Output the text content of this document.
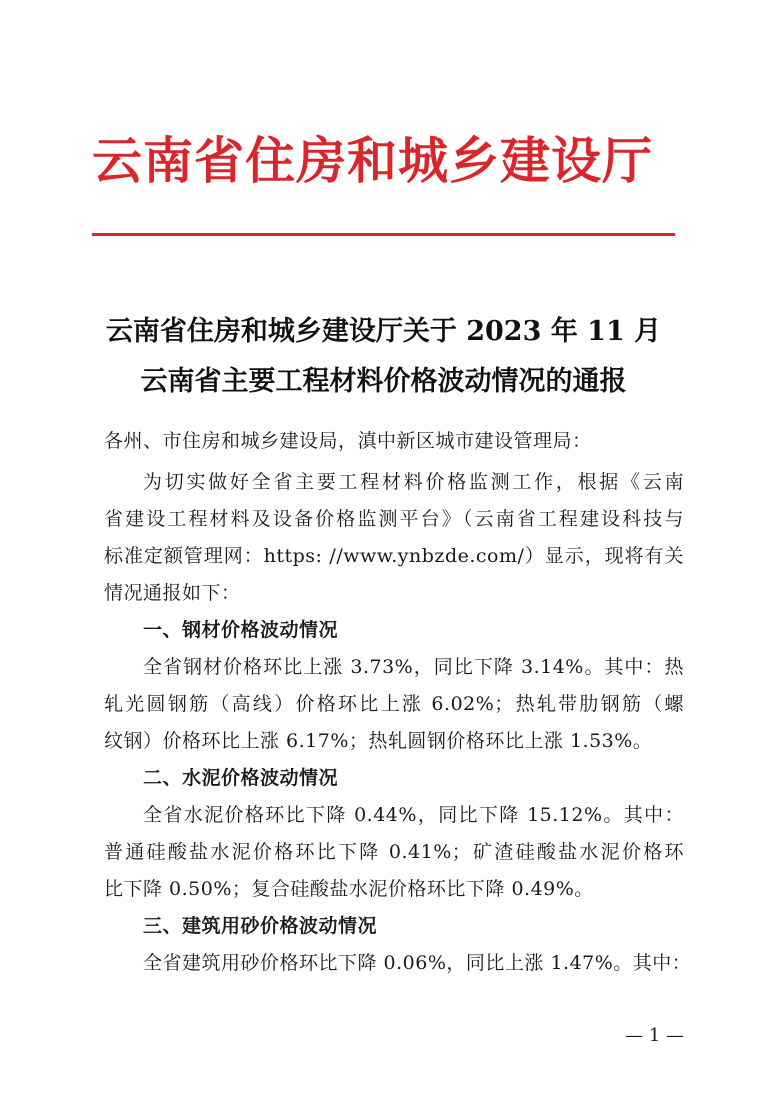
云南省住房和城乡建设厅
云南省住房和城乡建设厅关于 2023 年 11 月
云南省主要工程材料价格波动情况的通报
各州、市住房和城乡建设局，滇中新区城市建设管理局：
为切实做好全省主要工程材料价格监测工作，根据《云南
省建设工程材料及设备价格监测平台》（云南省工程建设科技与
标准定额管理网：https: //www.ynbzde.com/）显示，现将有关
情况通报如下：
一、钢材价格波动情况
全省钢材价格环比上涨 3.73%，同比下降 3.14%。其中：热
轧光圆钢筋（高线）价格环比上涨 6.02%；热轧带肋钢筋（螺
纹钢）价格环比上涨 6.17%；热轧圆钢价格环比上涨 1.53%。
二、水泥价格波动情况
全省水泥价格环比下降 0.44%，同比下降 15.12%。其中：
普通硅酸盐水泥价格环比下降 0.41%；矿渣硅酸盐水泥价格环
比下降 0.50%；复合硅酸盐水泥价格环比下降 0.49%。
三、建筑用砂价格波动情况
全省建筑用砂价格环比下降 0.06%，同比上涨 1.47%。其中：
— 1 —
